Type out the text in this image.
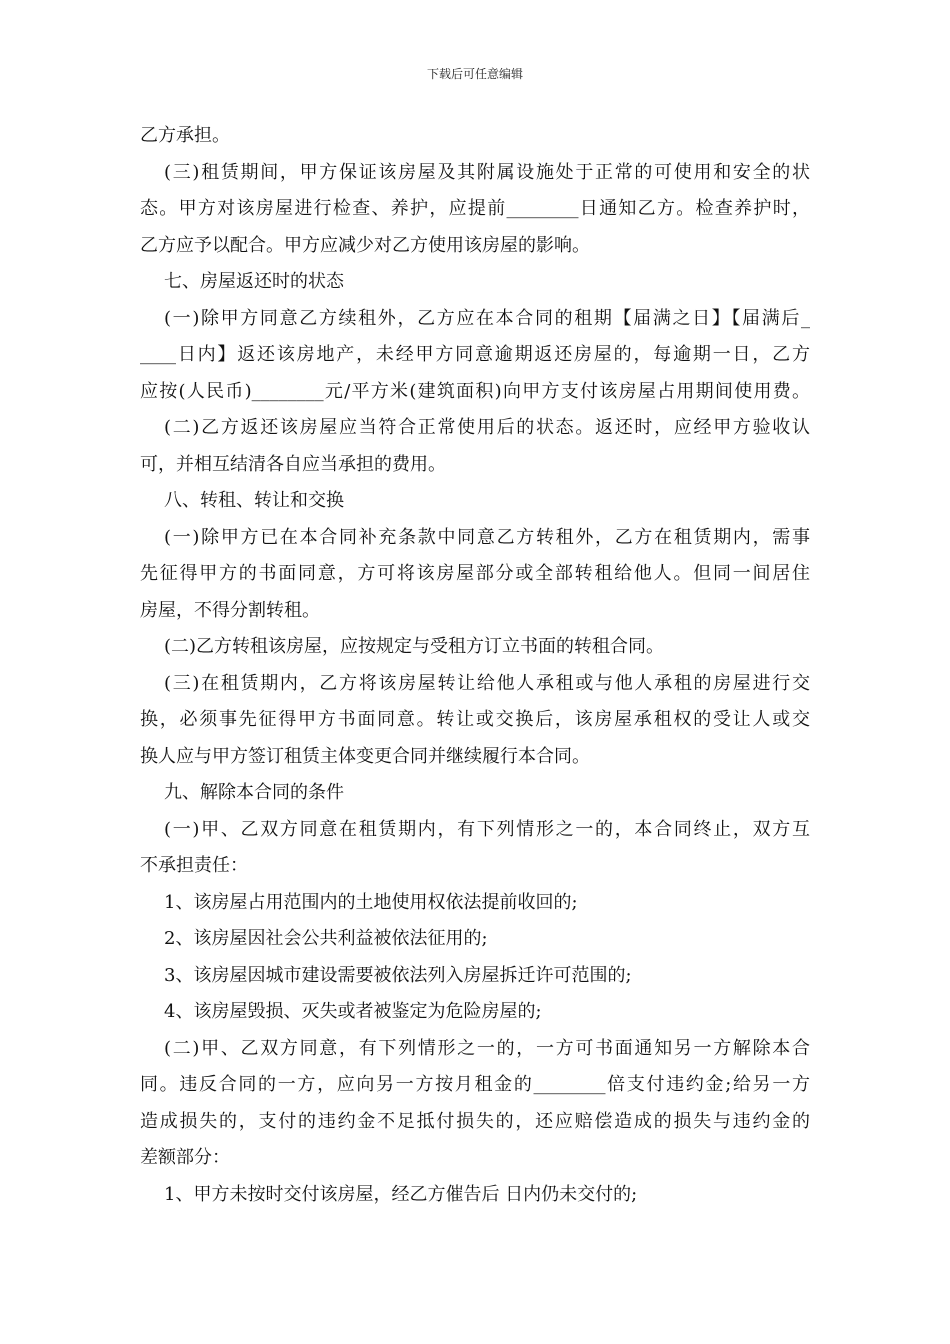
下载后可任意编辑
乙方承担。
(三)租赁期间，甲方保证该房屋及其附属设施处于正常的可使用和安全的状
态。甲方对该房屋进行检查、养护，应提前________日通知乙方。检查养护时，
乙方应予以配合。甲方应减少对乙方使用该房屋的影响。
七、房屋返还时的状态
(一)除甲方同意乙方续租外，乙方应在本合同的租期【届满之日】【届满后_
____日内】返还该房地产，未经甲方同意逾期返还房屋的，每逾期一日，乙方
应按(人民币)________元/平方米(建筑面积)向甲方支付该房屋占用期间使用费。
(二)乙方返还该房屋应当符合正常使用后的状态。返还时，应经甲方验收认
可，并相互结清各自应当承担的费用。
八、转租、转让和交换
(一)除甲方已在本合同补充条款中同意乙方转租外，乙方在租赁期内，需事
先征得甲方的书面同意，方可将该房屋部分或全部转租给他人。但同一间居住
房屋，不得分割转租。
(二)乙方转租该房屋，应按规定与受租方订立书面的转租合同。
(三)在租赁期内，乙方将该房屋转让给他人承租或与他人承租的房屋进行交
换，必须事先征得甲方书面同意。转让或交换后，该房屋承租权的受让人或交
换人应与甲方签订租赁主体变更合同并继续履行本合同。
九、解除本合同的条件
(一)甲、乙双方同意在租赁期内，有下列情形之一的，本合同终止，双方互
不承担责任：
1、该房屋占用范围内的土地使用权依法提前收回的;
2、该房屋因社会公共利益被依法征用的;
3、该房屋因城市建设需要被依法列入房屋拆迁许可范围的;
4、该房屋毁损、灭失或者被鉴定为危险房屋的;
(二)甲、乙双方同意，有下列情形之一的，一方可书面通知另一方解除本合
同。违反合同的一方，应向另一方按月租金的________倍支付违约金;给另一方
造成损失的，支付的违约金不足抵付损失的，还应赔偿造成的损失与违约金的
差额部分：
1、甲方未按时交付该房屋，经乙方催告后 日内仍未交付的;
